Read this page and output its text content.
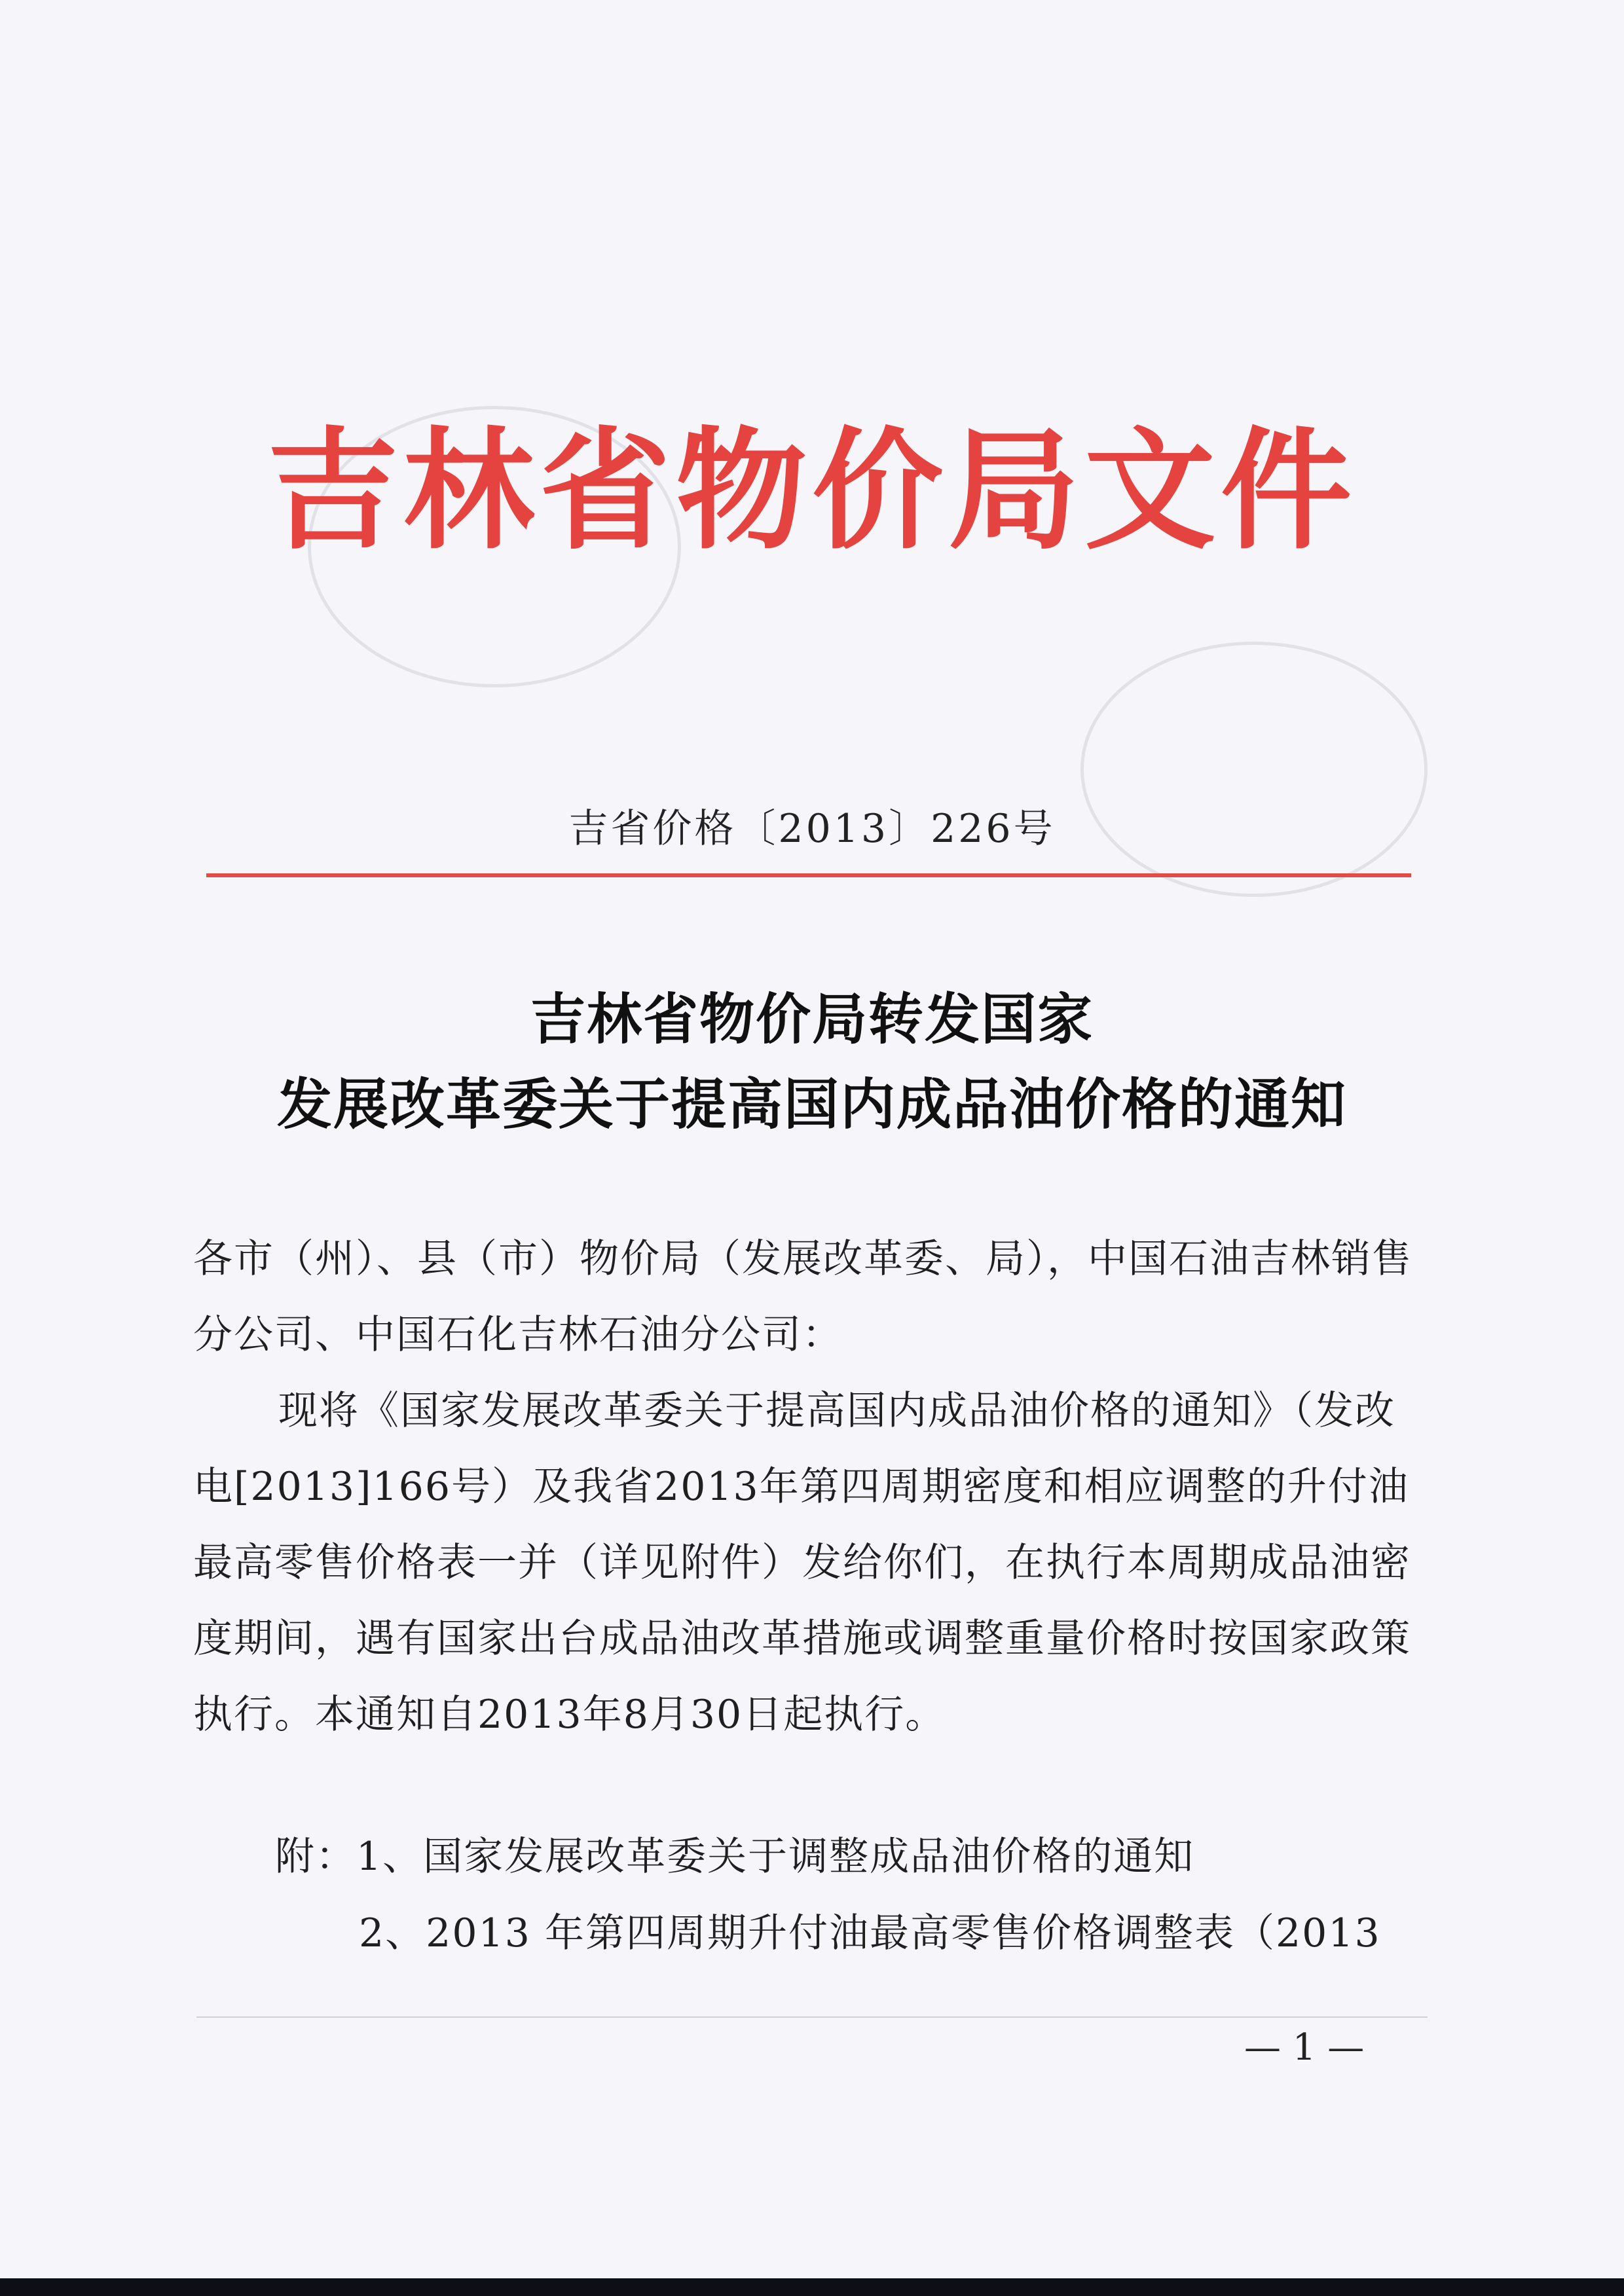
吉林省物价局文件
吉省价格〔2013〕226号
吉林省物价局转发国家
发展改革委关于提高国内成品油价格的通知

各市（州）、县（市）物价局（发展改革委、局），中国石油吉林销售分公司、中国石化吉林石油分公司：

现将《国家发展改革委关于提高国内成品油价格的通知》（发改电[2013]166号）及我省2013年第四周期密度和相应调整的升付油最高零售价格表一并（详见附件）发给你们，在执行本周期成品油密度期间，遇有国家出台成品油改革措施或调整重量价格时按国家政策执行。本通知自2013年8月30日起执行。

附：1、国家发展改革委关于调整成品油价格的通知
2、2013 年第四周期升付油最高零售价格调整表（2013
— 1 —
